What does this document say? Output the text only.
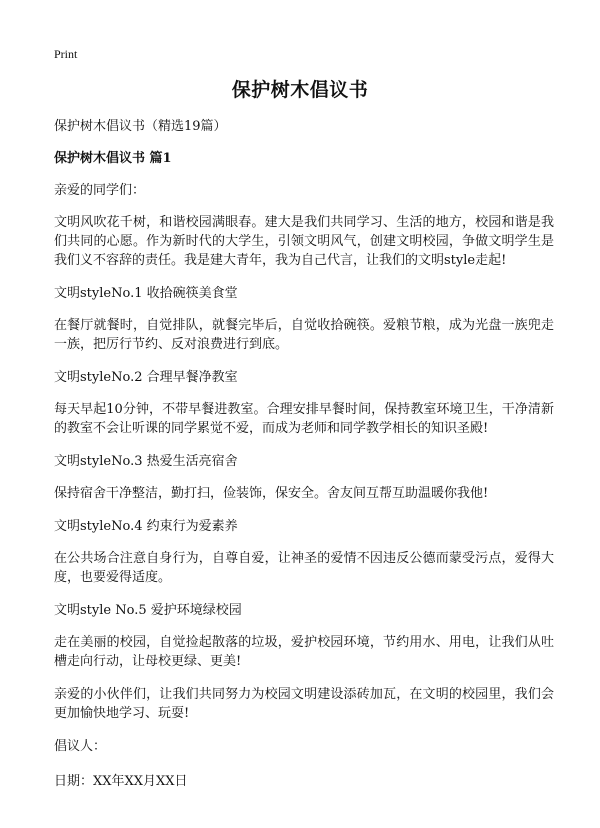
Print
保护树木倡议书

保护树木倡议书（精选19篇）

保护树木倡议书 篇1

亲爱的同学们：

文明风吹花千树，和谐校园满眼春。建大是我们共同学习、生活的地方，校园和谐是我们共同的心愿。作为新时代的大学生，引领文明风气，创建文明校园，争做文明学生是我们义不容辞的责任。我是建大青年，我为自己代言，让我们的文明style走起!

文明styleNo.1 收拾碗筷美食堂

在餐厅就餐时，自觉排队，就餐完毕后，自觉收拾碗筷。爱粮节粮，成为光盘一族兜走一族，把厉行节约、反对浪费进行到底。

文明styleNo.2 合理早餐净教室

每天早起10分钟，不带早餐进教室。合理安排早餐时间，保持教室环境卫生，干净清新的教室不会让听课的同学累觉不爱，而成为老师和同学教学相长的知识圣殿!

文明styleNo.3 热爱生活亮宿舍

保持宿舍干净整洁，勤打扫，俭装饰，保安全。舍友间互帮互助温暖你我他!

文明styleNo.4 约束行为爱素养

在公共场合注意自身行为，自尊自爱，让神圣的爱情不因违反公德而蒙受污点，爱得大度，也要爱得适度。

文明style No.5 爱护环境绿校园

走在美丽的校园，自觉捡起散落的垃圾，爱护校园环境，节约用水、用电，让我们从吐槽走向行动，让母校更绿、更美!

亲爱的小伙伴们，让我们共同努力为校园文明建设添砖加瓦，在文明的校园里，我们会更加愉快地学习、玩耍!

倡议人：

日期：XX年XX月XX日
